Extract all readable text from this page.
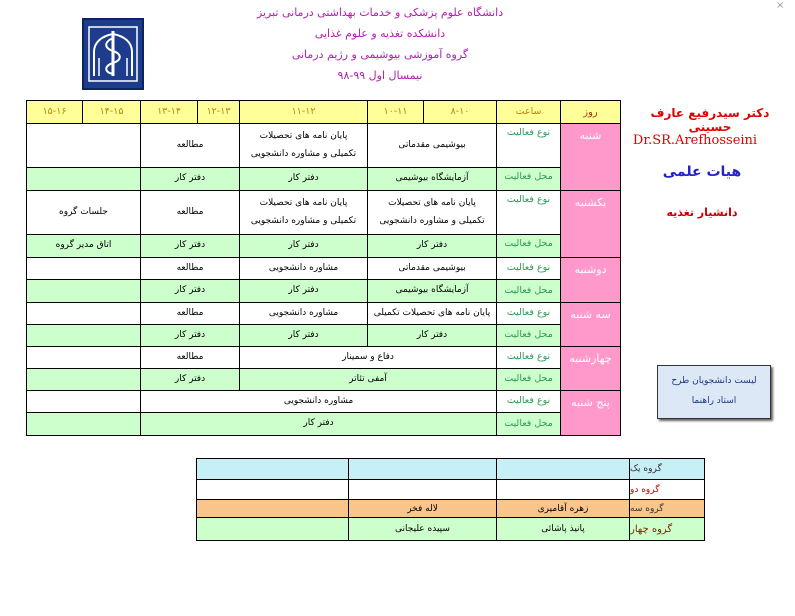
×
دانشگاه علوم پزشکی و خدمات بهداشتی درمانی تبریز
دانشکده تغذیه و علوم غذایی
گروه آموزشی بیوشیمی و رژیم درمانی
نیمسال اول ۹۹-۹۸
روز
ساعت
۸-۱۰
۱۰-۱۱
۱۱-۱۲
۱۲-۱۳
۱۳-۱۴
۱۴-۱۵
۱۵-۱۶
شنبه
نوع فعالیت
بیوشیمی مقدماتی
پایان نامه های تحصیلات تکمیلی و مشاوره دانشجویی
مطالعه
محل فعالیت
آزمایشگاه بیوشیمی
دفتر کار
دفتر کار
یکشنبه
نوع فعالیت
پایان نامه های تحصیلات تکمیلی و مشاوره دانشجویی
پایان نامه های تحصیلات تکمیلی و مشاوره دانشجویی
مطالعه
جلسات گروه
محل فعالیت
دفتر کار
دفتر کار
دفتر کار
اتاق مدیر گروه
دوشنبه
نوع فعالیت
بیوشیمی مقدماتی
مشاوره دانشجویی
مطالعه
محل فعالیت
آزمایشگاه بیوشیمی
دفتر کار
دفتر کار
سه شنبه
نوع فعالیت
پایان نامه های تحصیلات تکمیلی
مشاوره دانشجویی
مطالعه
محل فعالیت
دفتر کار
دفتر کار
دفتر کار
چهارشنبه
نوع فعالیت
دفاع و سمینار
مطالعه
محل فعالیت
آمفی تئاتر
دفتر کار
پنج شنبه
نوع فعالیت
مشاوره دانشجویی
محل فعالیت
دفتر کار
دکتر سیدرفیع عارف حسینی
Dr.SR.Arefhosseini
هیات علمی
دانشیار تغذیه
لیست دانشجویان طرح
استاد راهنما
گروه یک
گروه دو
گروه سه
زهره آقامیری
لاله فخر
گروه چهار
پانیذ پاشائی
سپیده علیجانی
